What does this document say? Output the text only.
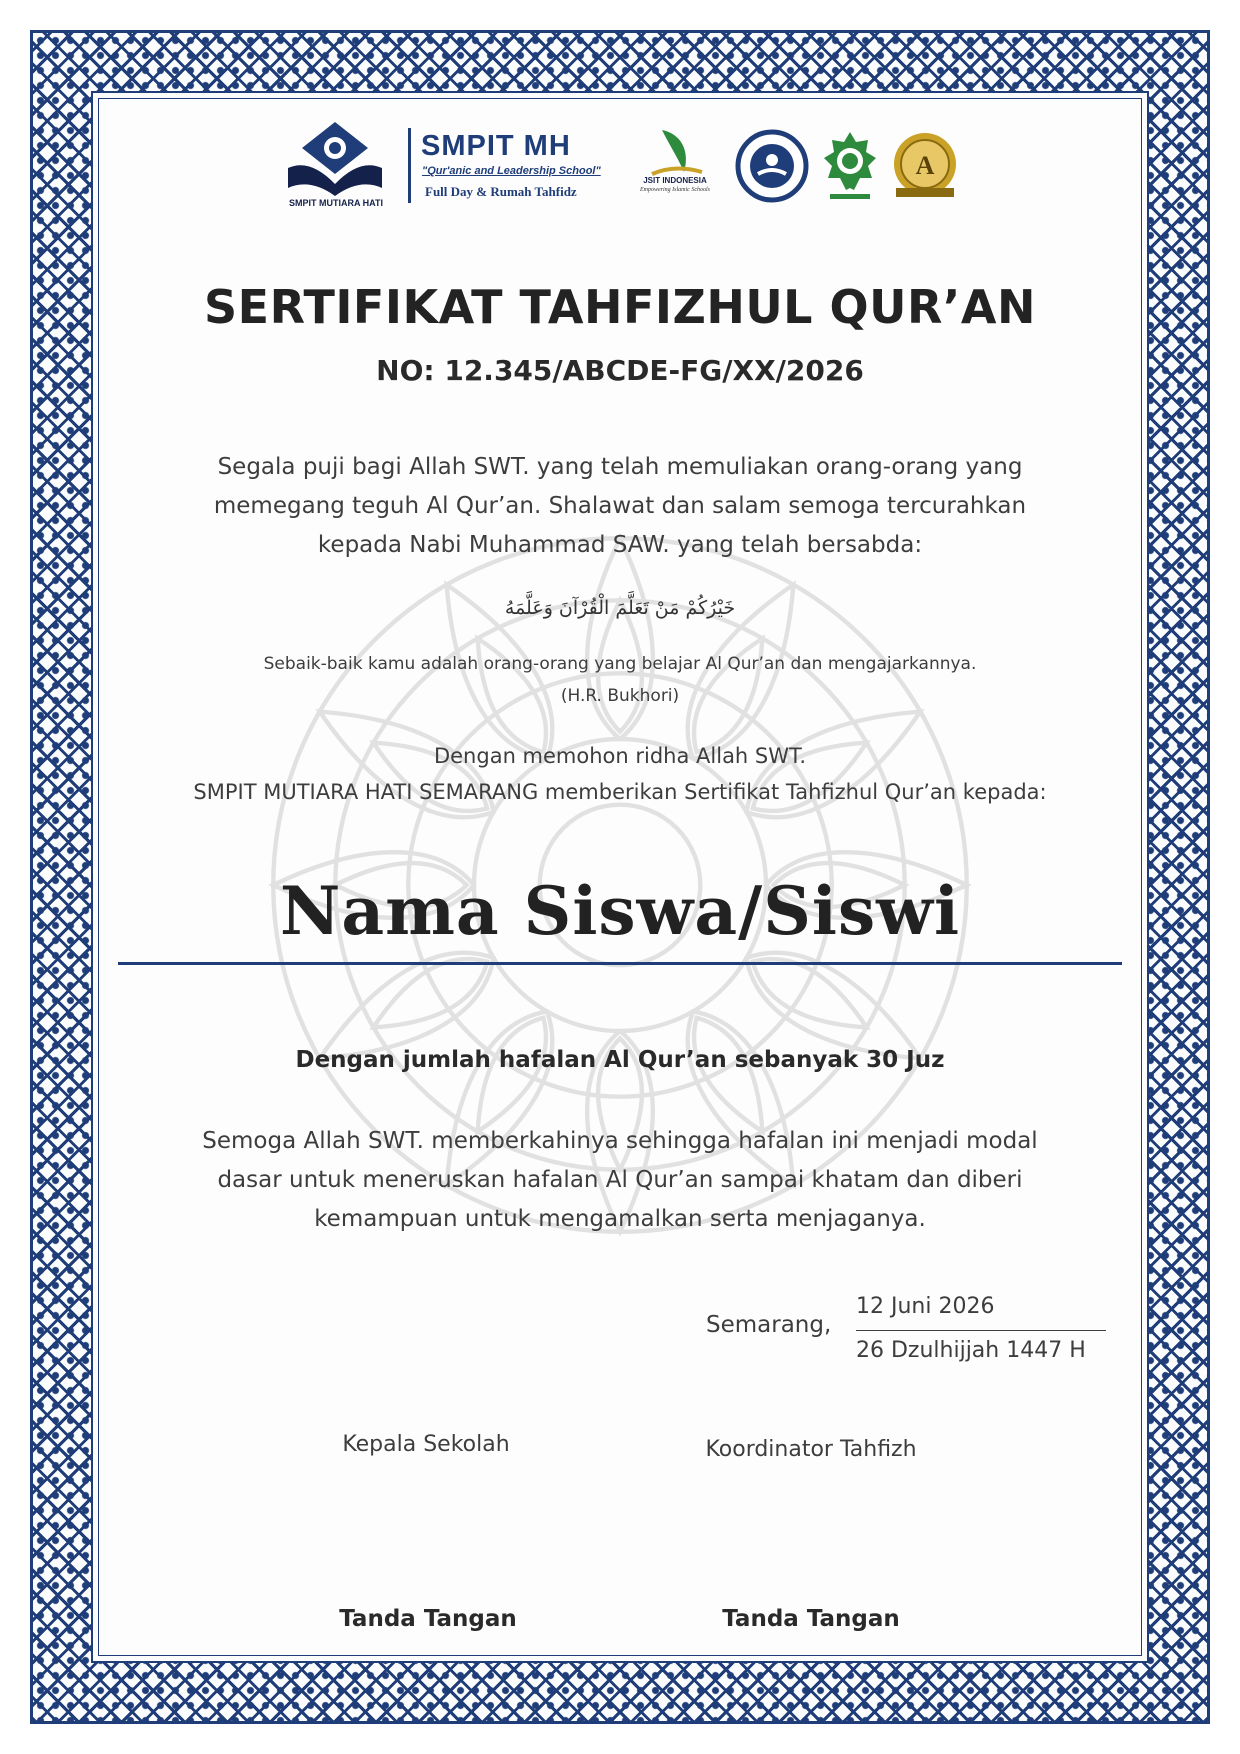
SMPIT MUTIARA HATI
SMPIT MH
"Qur'anic and Leadership School"
Full Day & Rumah Tahfidz
JSIT INDONESIA
Empowering Islamic Schools
A
SERTIFIKAT TAHFIZHUL QUR’AN
NO: 12.345/ABCDE-FG/XX/2026
Segala puji bagi Allah SWT. yang telah memuliakan orang-orang yang
memegang teguh Al Qur’an. Shalawat dan salam semoga tercurahkan
kepada Nabi Muhammad SAW. yang telah bersabda:
خَيْرُكُمْ مَنْ تَعَلَّمَ الْقُرْآنَ وَعَلَّمَهُ
Sebaik-baik kamu adalah orang-orang yang belajar Al Qur’an dan mengajarkannya.
(H.R. Bukhori)
Dengan memohon ridha Allah SWT.
SMPIT MUTIARA HATI SEMARANG memberikan Sertifikat Tahfizhul Qur’an kepada:
Nama Siswa/Siswi
Dengan jumlah hafalan Al Qur’an sebanyak 30 Juz
Semoga Allah SWT. memberkahinya sehingga hafalan ini menjadi modal
dasar untuk meneruskan hafalan Al Qur’an sampai khatam dan diberi
kemampuan untuk mengamalkan serta menjaganya.
Semarang,
12 Juni 2026
26 Dzulhijjah 1447 H
Kepala Sekolah	Koordinator Tahfizh
Tanda Tangan	Tanda Tangan
